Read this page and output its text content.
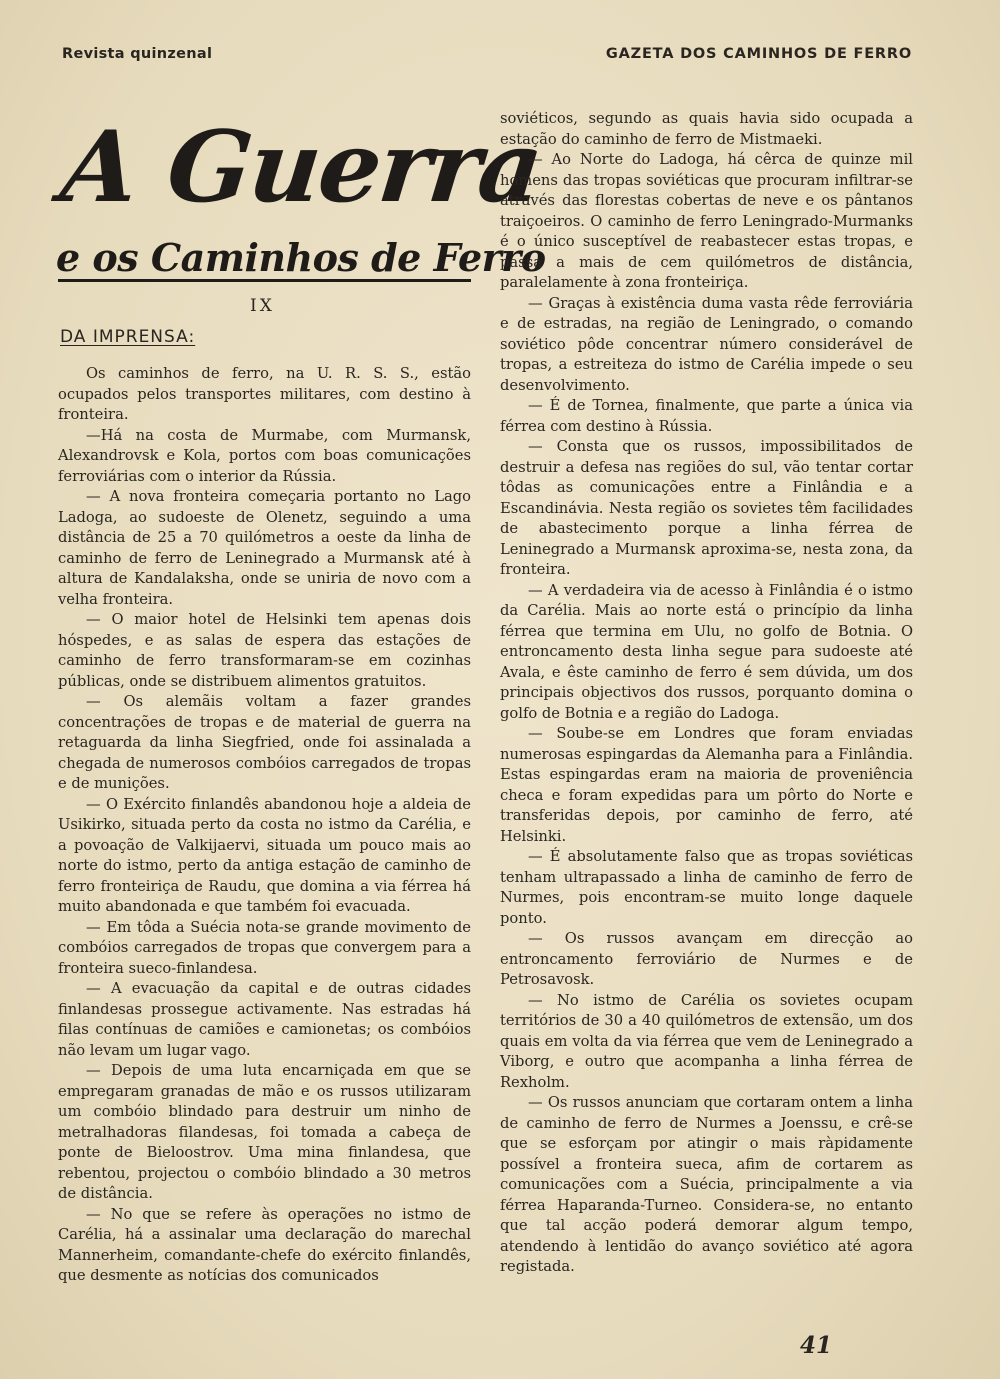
Revista quinzenal	GAZETA DOS CAMINHOS DE FERRO
A Guerra
e os Caminhos de Ferro
IX
DA IMPRENSA:

Os caminhos de ferro, na U. R. S. S., estão ocupados pelos transportes militares, com destino à fronteira.

—Há na costa de Murmabe, com Murmansk, Alexandrovsk e Kola, portos com boas comunicações ferroviárias com o interior da Rússia.

— A nova fronteira começaria portanto no Lago Ladoga, ao sudoeste de Olenetz, seguindo a uma distância de 25 a 70 quilómetros a oeste da linha de caminho de ferro de Leninegrado a Murmansk até à altura de Kandalaksha, onde se uniria de novo com a velha fronteira.

— O maior hotel de Helsinki tem apenas dois hóspedes, e as salas de espera das estações de caminho de ferro transformaram-se em cozinhas públicas, onde se distribuem alimentos gratuitos.

— Os alemãis voltam a fazer grandes concentrações de tropas e de material de guerra na retaguarda da linha Siegfried, onde foi assinalada a chegada de numerosos combóios carregados de tropas e de munições.

— O Exército finlandês abandonou hoje a aldeia de Usikirko, situada perto da costa no istmo da Carélia, e a povoação de Valkijaervi, situada um pouco mais ao norte do istmo, perto da antiga estação de caminho de ferro fronteiriça de Raudu, que domina a via férrea há muito abandonada e que também foi evacuada.

— Em tôda a Suécia nota-se grande movimento de combóios carregados de tropas que convergem para a fronteira sueco-finlandesa.

— A evacuação da capital e de outras cidades finlandesas prossegue activamente. Nas estradas há filas contínuas de camiões e camionetas; os combóios não levam um lugar vago.

— Depois de uma luta encarniçada em que se empregaram granadas de mão e os russos utilizaram um combóio blindado para destruir um ninho de metralhadoras filandesas, foi tomada a cabeça de ponte de Bieloostrov. Uma mina finlandesa, que rebentou, projectou o combóio blindado a 30 metros de distância.

— No que se refere às operações no istmo de Carélia, há a assinalar uma declaração do marechal Mannerheim, comandante-chefe do exército finlandês, que desmente as notícias dos comunicados

soviéticos, segundo as quais havia sido ocupada a estação do caminho de ferro de Mistmaeki.

— Ao Norte do Ladoga, há cêrca de quinze mil homens das tropas soviéticas que procuram infiltrar-se através das florestas cobertas de neve e os pântanos traiçoeiros. O caminho de ferro Leningrado-Murmanks é o único susceptível de reabastecer estas tropas, e passa a mais de cem quilómetros de distância, paralelamente à zona fronteiriça.

— Graças à existência duma vasta rêde ferroviária e de estradas, na região de Leningrado, o comando soviético pôde concentrar número considerável de tropas, a estreiteza do istmo de Carélia impede o seu desenvolvimento.

— É de Tornea, finalmente, que parte a única via férrea com destino à Rússia.

— Consta que os russos, impossibilitados de destruir a defesa nas regiões do sul, vão tentar cortar tôdas as comunicações entre a Finlândia e a Escandinávia. Nesta região os sovietes têm facilidades de abastecimento porque a linha férrea de Leninegrado a Murmansk aproxima-se, nesta zona, da fronteira.

— A verdadeira via de acesso à Finlândia é o istmo da Carélia. Mais ao norte está o princípio da linha férrea que termina em Ulu, no golfo de Botnia. O entroncamento desta linha segue para sudoeste até Avala, e êste caminho de ferro é sem dúvida, um dos principais objectivos dos russos, porquanto domina o golfo de Botnia e a região do Ladoga.

— Soube-se em Londres que foram enviadas numerosas espingardas da Alemanha para a Finlândia. Estas espingardas eram na maioria de proveniência checa e foram expedidas para um pôrto do Norte e transferidas depois, por caminho de ferro, até Helsinki.

— É absolutamente falso que as tropas soviéticas tenham ultrapassado a linha de caminho de ferro de Nurmes, pois encontram-se muito longe daquele ponto.

— Os russos avançam em direcção ao entroncamento ferroviário de Nurmes e de Petrosavosk.

— No istmo de Carélia os sovietes ocupam territórios de 30 a 40 quilómetros de extensão, um dos quais em volta da via férrea que vem de Leninegrado a Viborg, e outro que acompanha a linha férrea de Rexholm.

— Os russos anunciam que cortaram ontem a linha de caminho de ferro de Nurmes a Joenssu, e crê-se que se esforçam por atingir o mais ràpidamente possível a fronteira sueca, afim de cortarem as comunicações com a Suécia, principalmente a via férrea Haparanda-Turneo. Considera-se, no entanto que tal acção poderá demorar algum tempo, atendendo à lentidão do avanço soviético até agora registada.

41
